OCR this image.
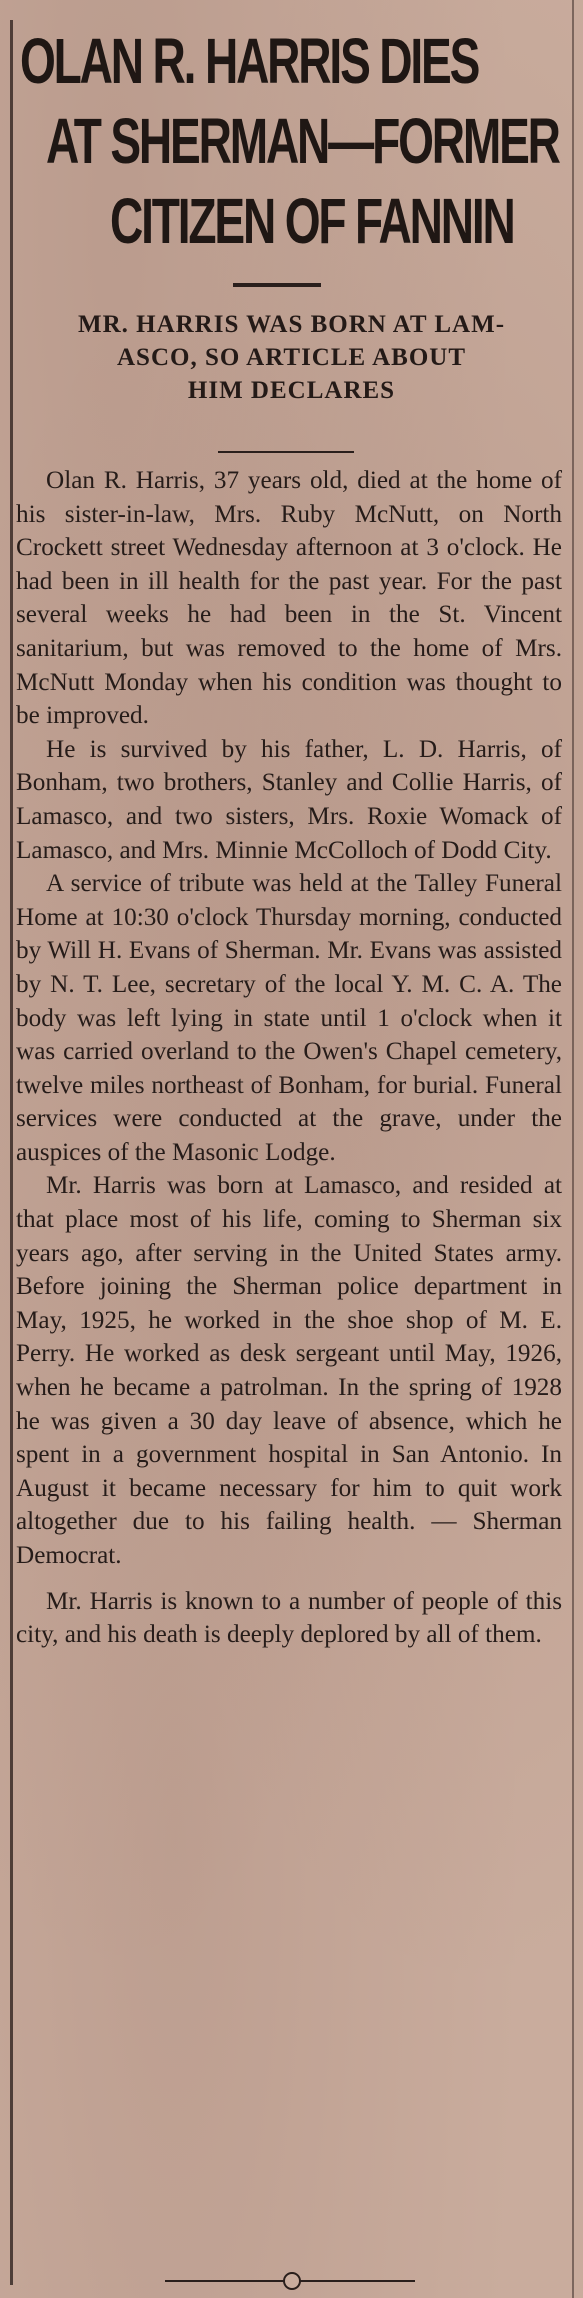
OLAN R. HARRIS DIES
AT SHERMAN—FORMER
CITIZEN OF FANNIN
MR. HARRIS WAS BORN AT LAM-
ASCO, SO ARTICLE ABOUT
HIM DECLARES

Olan R. Harris, 37 years old, died at the home of his sister-in-law, Mrs. Ruby McNutt, on North Crockett street Wednesday afternoon at 3 o'clock. He had been in ill health for the past year. For the past several weeks he had been in the St. Vincent sanitarium, but was removed to the home of Mrs. McNutt Monday when his condition was thought to be improved.

He is survived by his father, L. D. Harris, of Bonham, two brothers, Stanley and Collie Harris, of Lamasco, and two sisters, Mrs. Roxie Womack of Lamasco, and Mrs. Minnie McColloch of Dodd City.

A service of tribute was held at the Talley Funeral Home at 10:30 o'clock Thursday morning, conducted by Will H. Evans of Sherman. Mr. Evans was assisted by N. T. Lee, secretary of the local Y. M. C. A. The body was left lying in state until 1 o'clock when it was carried overland to the Owen's Chapel cemetery, twelve miles northeast of Bonham, for burial. Funeral services were conducted at the grave, under the auspices of the Masonic Lodge.

Mr. Harris was born at Lamasco, and resided at that place most of his life, coming to Sherman six years ago, after serving in the United States army. Before joining the Sherman police department in May, 1925, he worked in the shoe shop of M. E. Perry. He worked as desk sergeant until May, 1926, when he became a patrolman. In the spring of 1928 he was given a 30 day leave of absence, which he spent in a government hospital in San Antonio. In August it became necessary for him to quit work altogether due to his failing health. — Sherman Democrat.

Mr. Harris is known to a number of people of this city, and his death is deeply deplored by all of them.
